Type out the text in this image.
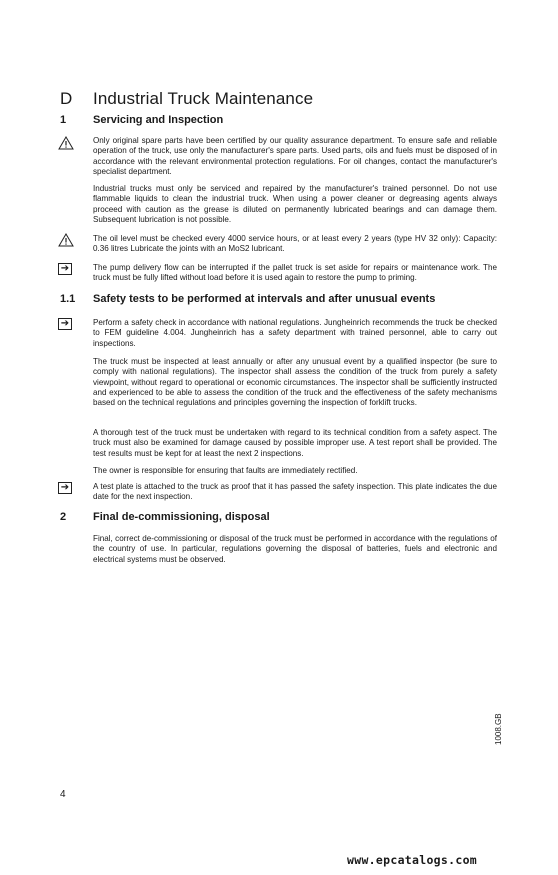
D Industrial Truck Maintenance
1 Servicing and Inspection

Only original spare parts have been certified by our quality assurance department. To ensure safe and reliable operation of the truck, use only the manufacturer's spare parts. Used parts, oils and fuels must be disposed of in accordance with the relevant environmental protection regulations. For oil changes, contact the manufacturer's specialist department.

Industrial trucks must only be serviced and repaired by the manufacturer's trained personnel. Do not use flammable liquids to clean the industrial truck. When using a power cleaner or degreasing agents always proceed with caution as the grease is diluted on permanently lubricated bearings and can damage them. Subsequent lubrication is not possible.

The oil level must be checked every 4000 service hours, or at least every 2 years (type HV 32 only): Capacity: 0.36 litres Lubricate the joints with an MoS2 lubricant.

➔	The pump delivery flow can be interrupted if the pallet truck is set aside for repairs or maintenance work. The truck must be fully lifted without load before it is used again to restore the pump to priming.

1.1 Safety tests to be performed at intervals and after unusual events
➔	Perform a safety check in accordance with national regulations. Jungheinrich recommends the truck be checked to FEM guideline 4.004. Jungheinrich has a safety department with trained personnel, able to carry out inspections.

The truck must be inspected at least annually or after any unusual event by a qualified inspector (be sure to comply with national regulations). The inspector shall assess the condition of the truck from purely a safety viewpoint, without regard to operational or economic circumstances. The inspector shall be sufficiently instructed and experienced to be able to assess the condition of the truck and the effectiveness of the safety mechanisms based on the technical regulations and principles governing the inspection of forklift trucks.

A thorough test of the truck must be undertaken with regard to its technical condition from a safety aspect. The truck must also be examined for damage caused by possible improper use. A test report shall be provided. The test results must be kept for at least the next 2 inspections.

The owner is responsible for ensuring that faults are immediately rectified.

➔	A test plate is attached to the truck as proof that it has passed the safety inspection. This plate indicates the due date for the next inspection.

2 Final de-commissioning, disposal

Final, correct de-commissioning or disposal of the truck must be performed in accordance with the regulations of the country of use. In particular, regulations governing the disposal of batteries, fuels and electronic and electrical systems must be observed.

1008.GB
4
www.epcatalogs.com
